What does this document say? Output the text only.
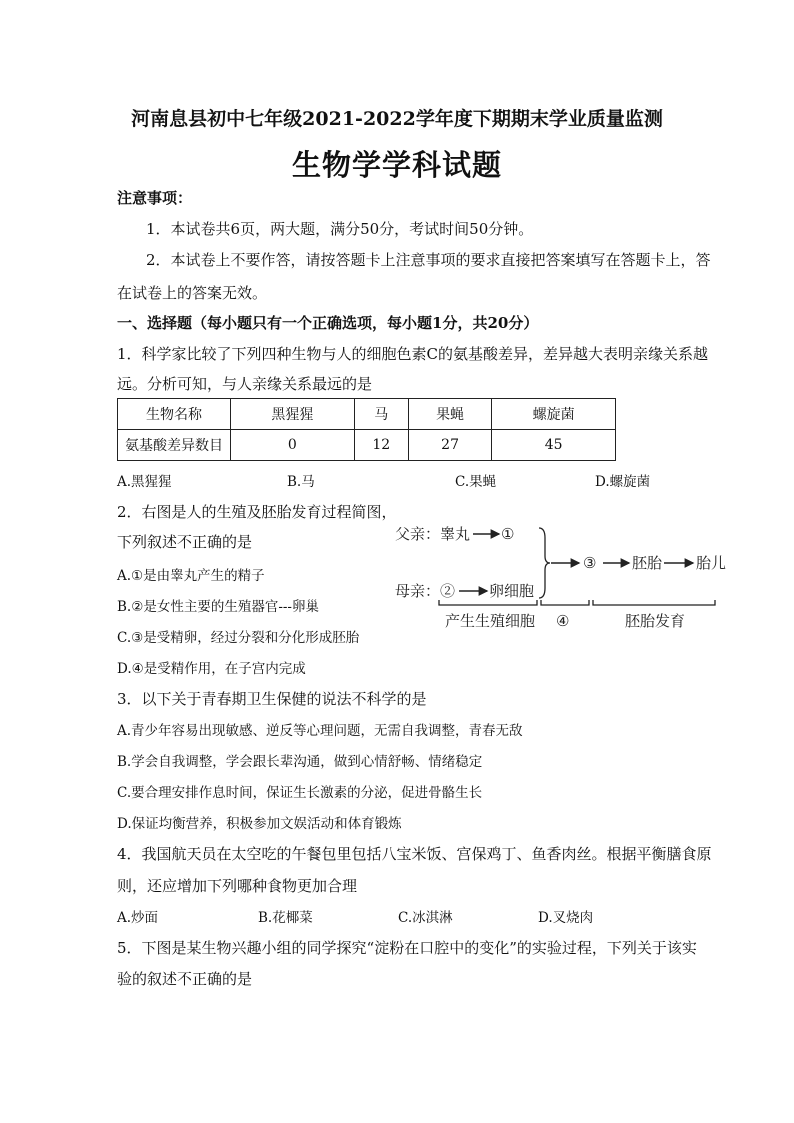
河南息县初中七年级2021-2022学年度下期期末学业质量监测
生物学学科试题
注意事项：
1．本试卷共6页，两大题，满分50分，考试时间50分钟。
2．本试卷上不要作答，请按答题卡上注意事项的要求直接把答案填写在答题卡上，答
在试卷上的答案无效。
一、选择题（每小题只有一个正确选项，每小题1分，共20分）
1．科学家比较了下列四种生物与人的细胞色素C的氨基酸差异，差异越大表明亲缘关系越
远。分析可知，与人亲缘关系最远的是
生物名称	黑猩猩	马	果蝇	螺旋菌
氨基酸差异数目	0	12	27	45
A.黑猩猩	B.马	C.果蝇	D.螺旋菌
2．右图是人的生殖及胚胎发育过程简图，
下列叙述不正确的是
A.①是由睾丸产生的精子
B.②是女性主要的生殖器官---卵巢
C.③是受精卵，经过分裂和分化形成胚胎
D.④是受精作用，在子宫内完成
父亲：睾丸 ①
母亲：② 卵细胞
③ 胚胎 胎儿
产生生殖细胞 ④	胚胎发育
3．以下关于青春期卫生保健的说法不科学的是
A.青少年容易出现敏感、逆反等心理问题，无需自我调整，青春无敌
B.学会自我调整，学会跟长辈沟通，做到心情舒畅、情绪稳定
C.要合理安排作息时间，保证生长激素的分泌，促进骨骼生长
D.保证均衡营养，积极参加文娱活动和体育锻炼
4．我国航天员在太空吃的午餐包里包括八宝米饭、宫保鸡丁、鱼香肉丝。根据平衡膳食原
则，还应增加下列哪种食物更加合理
A.炒面	B.花椰菜	C.冰淇淋	D.叉烧肉
5．下图是某生物兴趣小组的同学探究“淀粉在口腔中的变化”的实验过程，下列关于该实
验的叙述不正确的是
